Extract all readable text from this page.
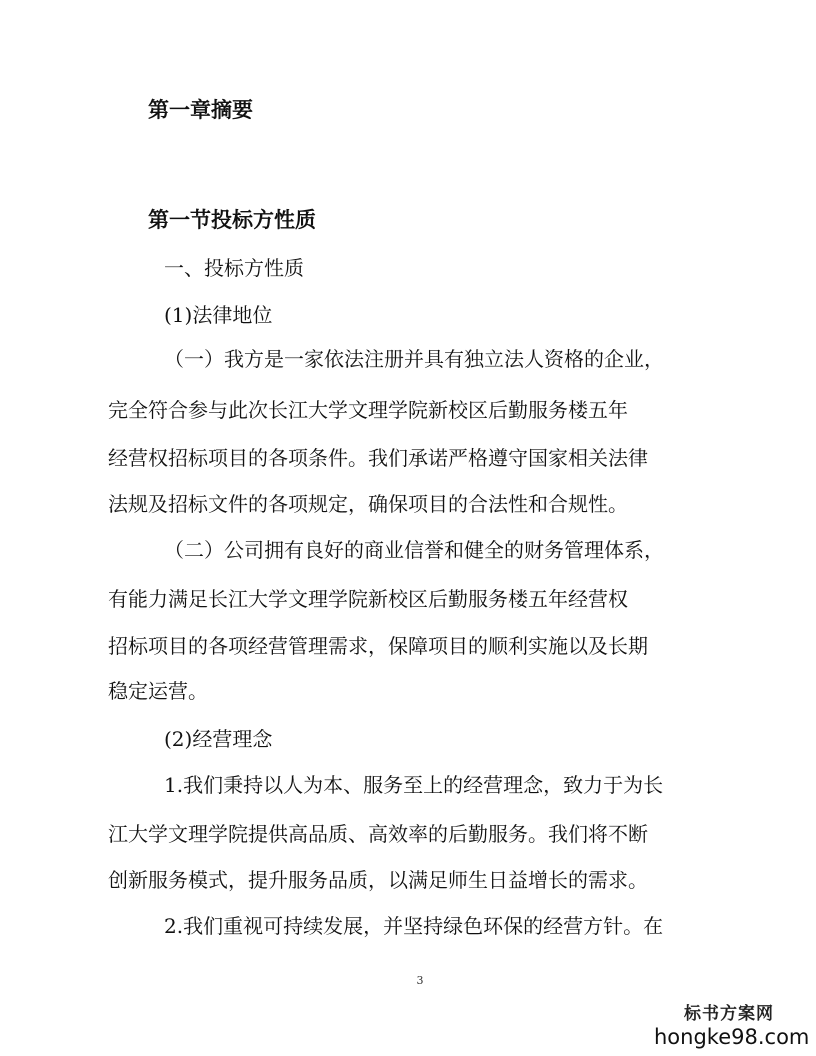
第一章摘要
第一节投标方性质
一、投标方性质
(1)法律地位
（一）我方是一家依法注册并具有独立法人资格的企业，
完全符合参与此次长江大学文理学院新校区后勤服务楼五年
经营权招标项目的各项条件。我们承诺严格遵守国家相关法律
法规及招标文件的各项规定，确保项目的合法性和合规性。
（二）公司拥有良好的商业信誉和健全的财务管理体系，
有能力满足长江大学文理学院新校区后勤服务楼五年经营权
招标项目的各项经营管理需求，保障项目的顺利实施以及长期
稳定运营。
(2)经营理念
1.我们秉持以人为本、服务至上的经营理念，致力于为长
江大学文理学院提供高品质、高效率的后勤服务。我们将不断
创新服务模式，提升服务品质，以满足师生日益增长的需求。
2.我们重视可持续发展，并坚持绿色环保的经营方针。在
3
标书方案网
hongke98.com
